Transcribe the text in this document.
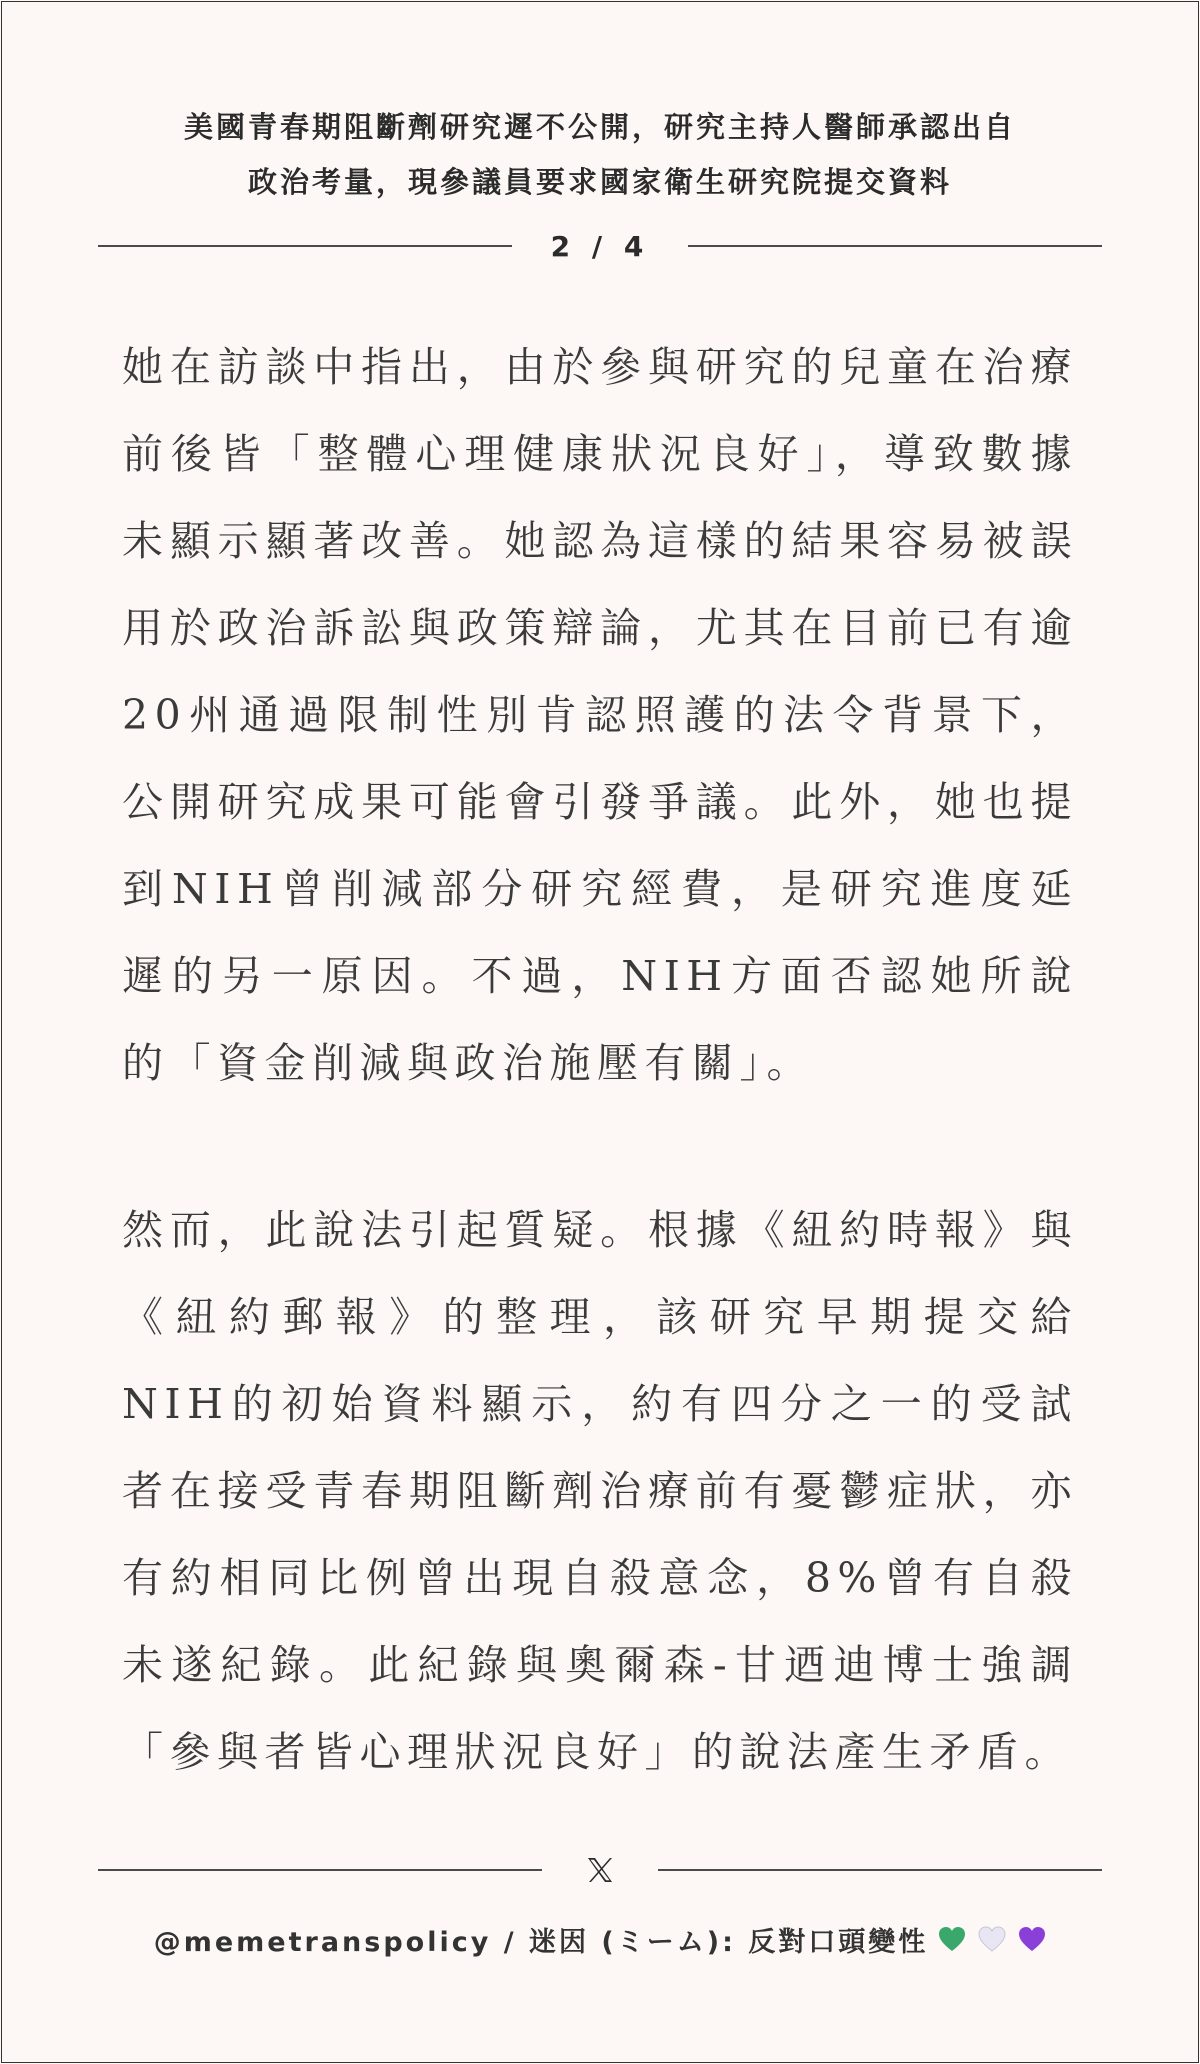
美國青春期阻斷劑研究遲不公開，研究主持人醫師承認出自
政治考量，現參議員要求國家衛生研究院提交資料
2 / 4

她在訪談中指出，由於參與研究的兒童在治療前後皆「整體心理健康狀況良好」，導致數據未顯示顯著改善。她認為這樣的結果容易被誤用於政治訴訟與政策辯論，尤其在目前已有逾20州通過限制性別肯認照護的法令背景下，公開研究成果可能會引發爭議。此外，她也提到NIH曾削減部分研究經費，是研究進度延遲的另一原因。不過，NIH方面否認她所說的「資金削減與政治施壓有關」。

然而，此說法引起質疑。根據《紐約時報》與《紐約郵報》的整理，該研究早期提交給NIH的初始資料顯示，約有四分之一的受試者在接受青春期阻斷劑治療前有憂鬱症狀，亦有約相同比例曾出現自殺意念，8%曾有自殺未遂紀錄。此紀錄與奧爾森-甘迺迪博士強調「參與者皆心理狀況良好」的說法產生矛盾。

@memetranspolicy / 迷因 (ミーム): 反對口頭變性
